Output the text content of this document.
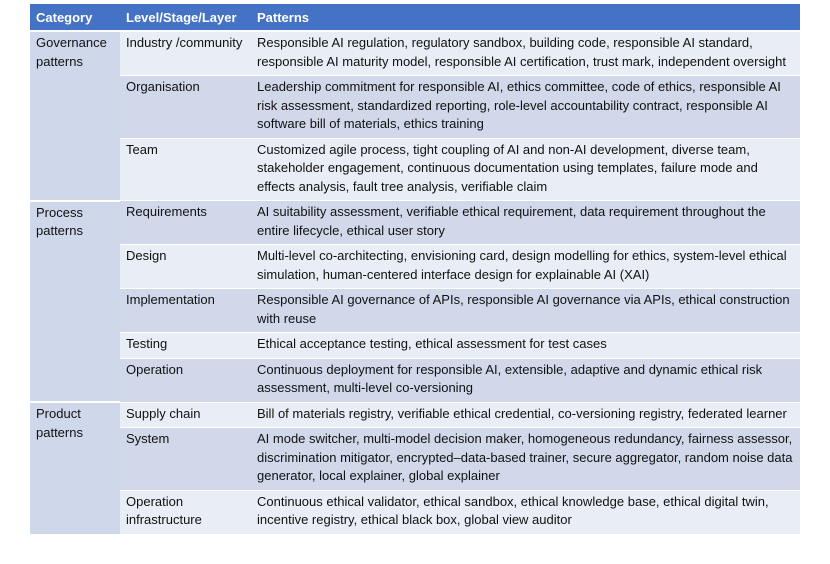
Category	Level/Stage/Layer	Patterns
Governance patterns	Industry /community	Responsible AI regulation, regulatory sandbox, building code, responsible AI standard, responsible AI maturity model, responsible AI certification, trust mark, independent oversight
	Organisation	Leadership commitment for responsible AI, ethics committee, code of ethics, responsible AI risk assessment, standardized reporting, role-level accountability contract, responsible AI software bill of materials, ethics training
	Team	Customized agile process, tight coupling of AI and non-AI development, diverse team, stakeholder engagement, continuous documentation using templates, failure mode and effects analysis, fault tree analysis, verifiable claim
Process patterns	Requirements	AI suitability assessment, verifiable ethical requirement, data requirement throughout the entire lifecycle, ethical user story
	Design	Multi-level co-architecting, envisioning card, design modelling for ethics, system-level ethical simulation, human-centered interface design for explainable AI (XAI)
	Implementation	Responsible AI governance of APIs, responsible AI governance via APIs, ethical construction with reuse
	Testing	Ethical acceptance testing, ethical assessment for test cases
	Operation	Continuous deployment for responsible AI, extensible, adaptive and dynamic ethical risk assessment, multi-level co-versioning
Product patterns	Supply chain	Bill of materials registry, verifiable ethical credential, co-versioning registry, federated learner
	System	AI mode switcher, multi-model decision maker, homogeneous redundancy, fairness assessor, discrimination mitigator, encrypted–data-based trainer, secure aggregator, random noise data generator, local explainer, global explainer
	Operation infrastructure	Continuous ethical validator, ethical sandbox, ethical knowledge base, ethical digital twin, incentive registry, ethical black box, global view auditor
